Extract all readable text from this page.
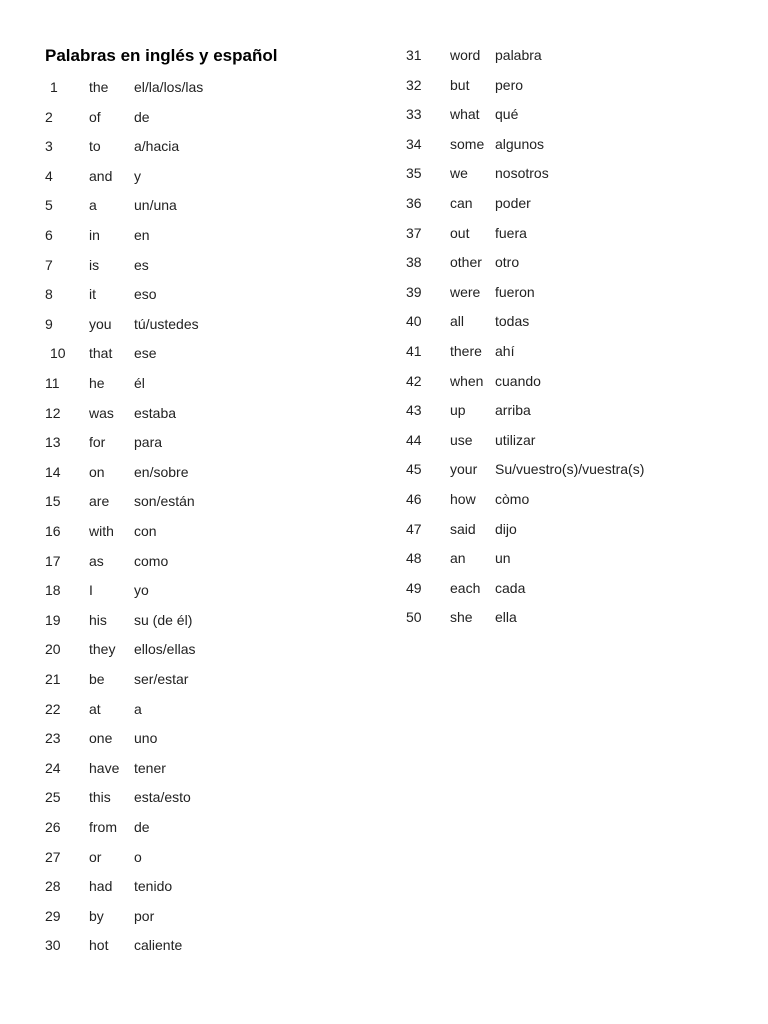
Palabras en inglés y español
1 the el/la/los/las
2	of de
3	to a/hacia
4	and y
5	a	un/una
6	in en
7	is es
8	it	eso
9	you tú/ustedes
10 that ese
11 he él
12 was estaba
13 for para
14 on en/sobre
15 are son/están
16 with con
17 as como
18 I	yo
19 his su (de él)
20 they ellos/ellas
21 be ser/estar
22 at a
23 one uno
24 have tener
25 this esta/esto
26 from de
27 or o
28 had tenido
29 by por
30 hot caliente
31 word palabra
32 but pero
33 what qué
34 some algunos
35 we nosotros
36 can poder
37 out fuera
38 other otro
39 were fueron
40 all todas
41 there ahí
42 when cuando
43 up arriba
44 use utilizar
45 your Su/vuestro(s)/vuestra(s)
46 how còmo
47 said dijo
48 an un
49 each cada
50 she ella
